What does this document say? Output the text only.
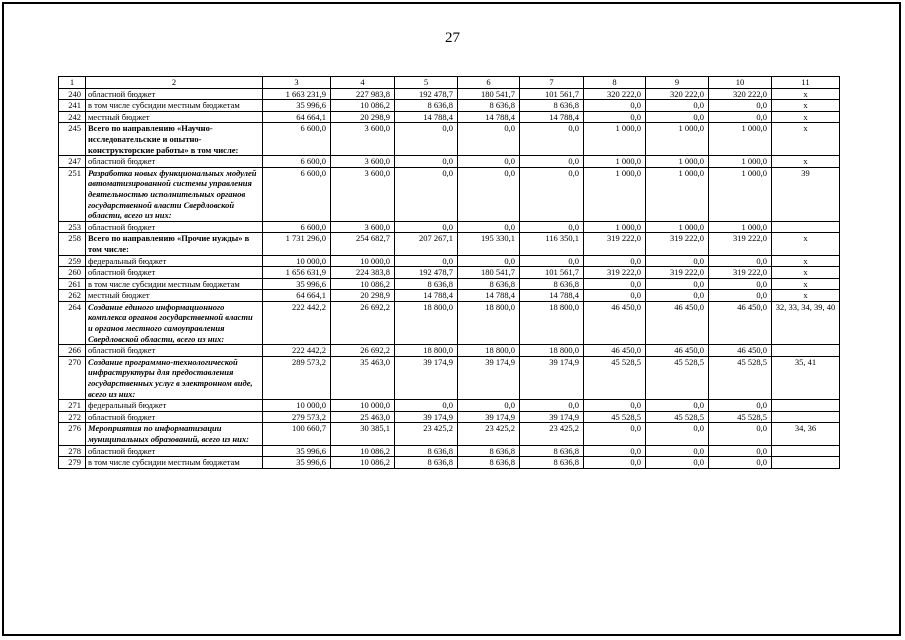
27
1	2	3	4	5	6	7	8	9	10	11
240	областной бюджет	1 663 231,9	227 983,8	192 478,7	180 541,7	101 561,7	320 222,0	320 222,0	320 222,0	х
241	в том числе субсидии местным бюджетам	35 996,6	10 086,2	8 636,8	8 636,8	8 636,8	0,0	0,0	0,0	х
242	местный бюджет	64 664,1	20 298,9	14 788,4	14 788,4	14 788,4	0,0	0,0	0,0	х
245	Всего по направлению «Научно-исследовательские и опытно-конструкторские работы» в том числе:	6 600,0	3 600,0	0,0	0,0	0,0	1 000,0	1 000,0	1 000,0	х
247	областной бюджет	6 600,0	3 600,0	0,0	0,0	0,0	1 000,0	1 000,0	1 000,0	х
251	Разработка новых функциональных модулей автоматизированной системы управления деятельностью исполнительных органов государственной власти Свердловской области, всего из них:	6 600,0	3 600,0	0,0	0,0	0,0	1 000,0	1 000,0	1 000,0	39
253	областной бюджет	6 600,0	3 600,0	0,0	0,0	0,0	1 000,0	1 000,0	1 000,0	
258	Всего по направлению «Прочие нужды» в том числе:	1 731 296,0	254 682,7	207 267,1	195 330,1	116 350,1	319 222,0	319 222,0	319 222,0	х
259	федеральный бюджет	10 000,0	10 000,0	0,0	0,0	0,0	0,0	0,0	0,0	х
260	областной бюджет	1 656 631,9	224 383,8	192 478,7	180 541,7	101 561,7	319 222,0	319 222,0	319 222,0	х
261	в том числе субсидии местным бюджетам	35 996,6	10 086,2	8 636,8	8 636,8	8 636,8	0,0	0,0	0,0	х
262	местный бюджет	64 664,1	20 298,9	14 788,4	14 788,4	14 788,4	0,0	0,0	0,0	х
264	Создание единого информационного комплекса органов государственной власти и органов местного самоуправления Свердловской области, всего из них:	222 442,2	26 692,2	18 800,0	18 800,0	18 800,0	46 450,0	46 450,0	46 450,0	32, 33, 34, 39, 40
266	областной бюджет	222 442,2	26 692,2	18 800,0	18 800,0	18 800,0	46 450,0	46 450,0	46 450,0	
270	Создание программно-технологической инфраструктуры для предоставления государственных услуг в электронном виде, всего из них:	289 573,2	35 463,0	39 174,9	39 174,9	39 174,9	45 528,5	45 528,5	45 528,5	35, 41
271	федеральный бюджет	10 000,0	10 000,0	0,0	0,0	0,0	0,0	0,0	0,0	
272	областной бюджет	279 573,2	25 463,0	39 174,9	39 174,9	39 174,9	45 528,5	45 528,5	45 528,5	
276	Мероприятия по информатизации муниципальных образований, всего из них:	100 660,7	30 385,1	23 425,2	23 425,2	23 425,2	0,0	0,0	0,0	34, 36
278	областной бюджет	35 996,6	10 086,2	8 636,8	8 636,8	8 636,8	0,0	0,0	0,0	
279	в том числе субсидии местным бюджетам	35 996,6	10 086,2	8 636,8	8 636,8	8 636,8	0,0	0,0	0,0	
